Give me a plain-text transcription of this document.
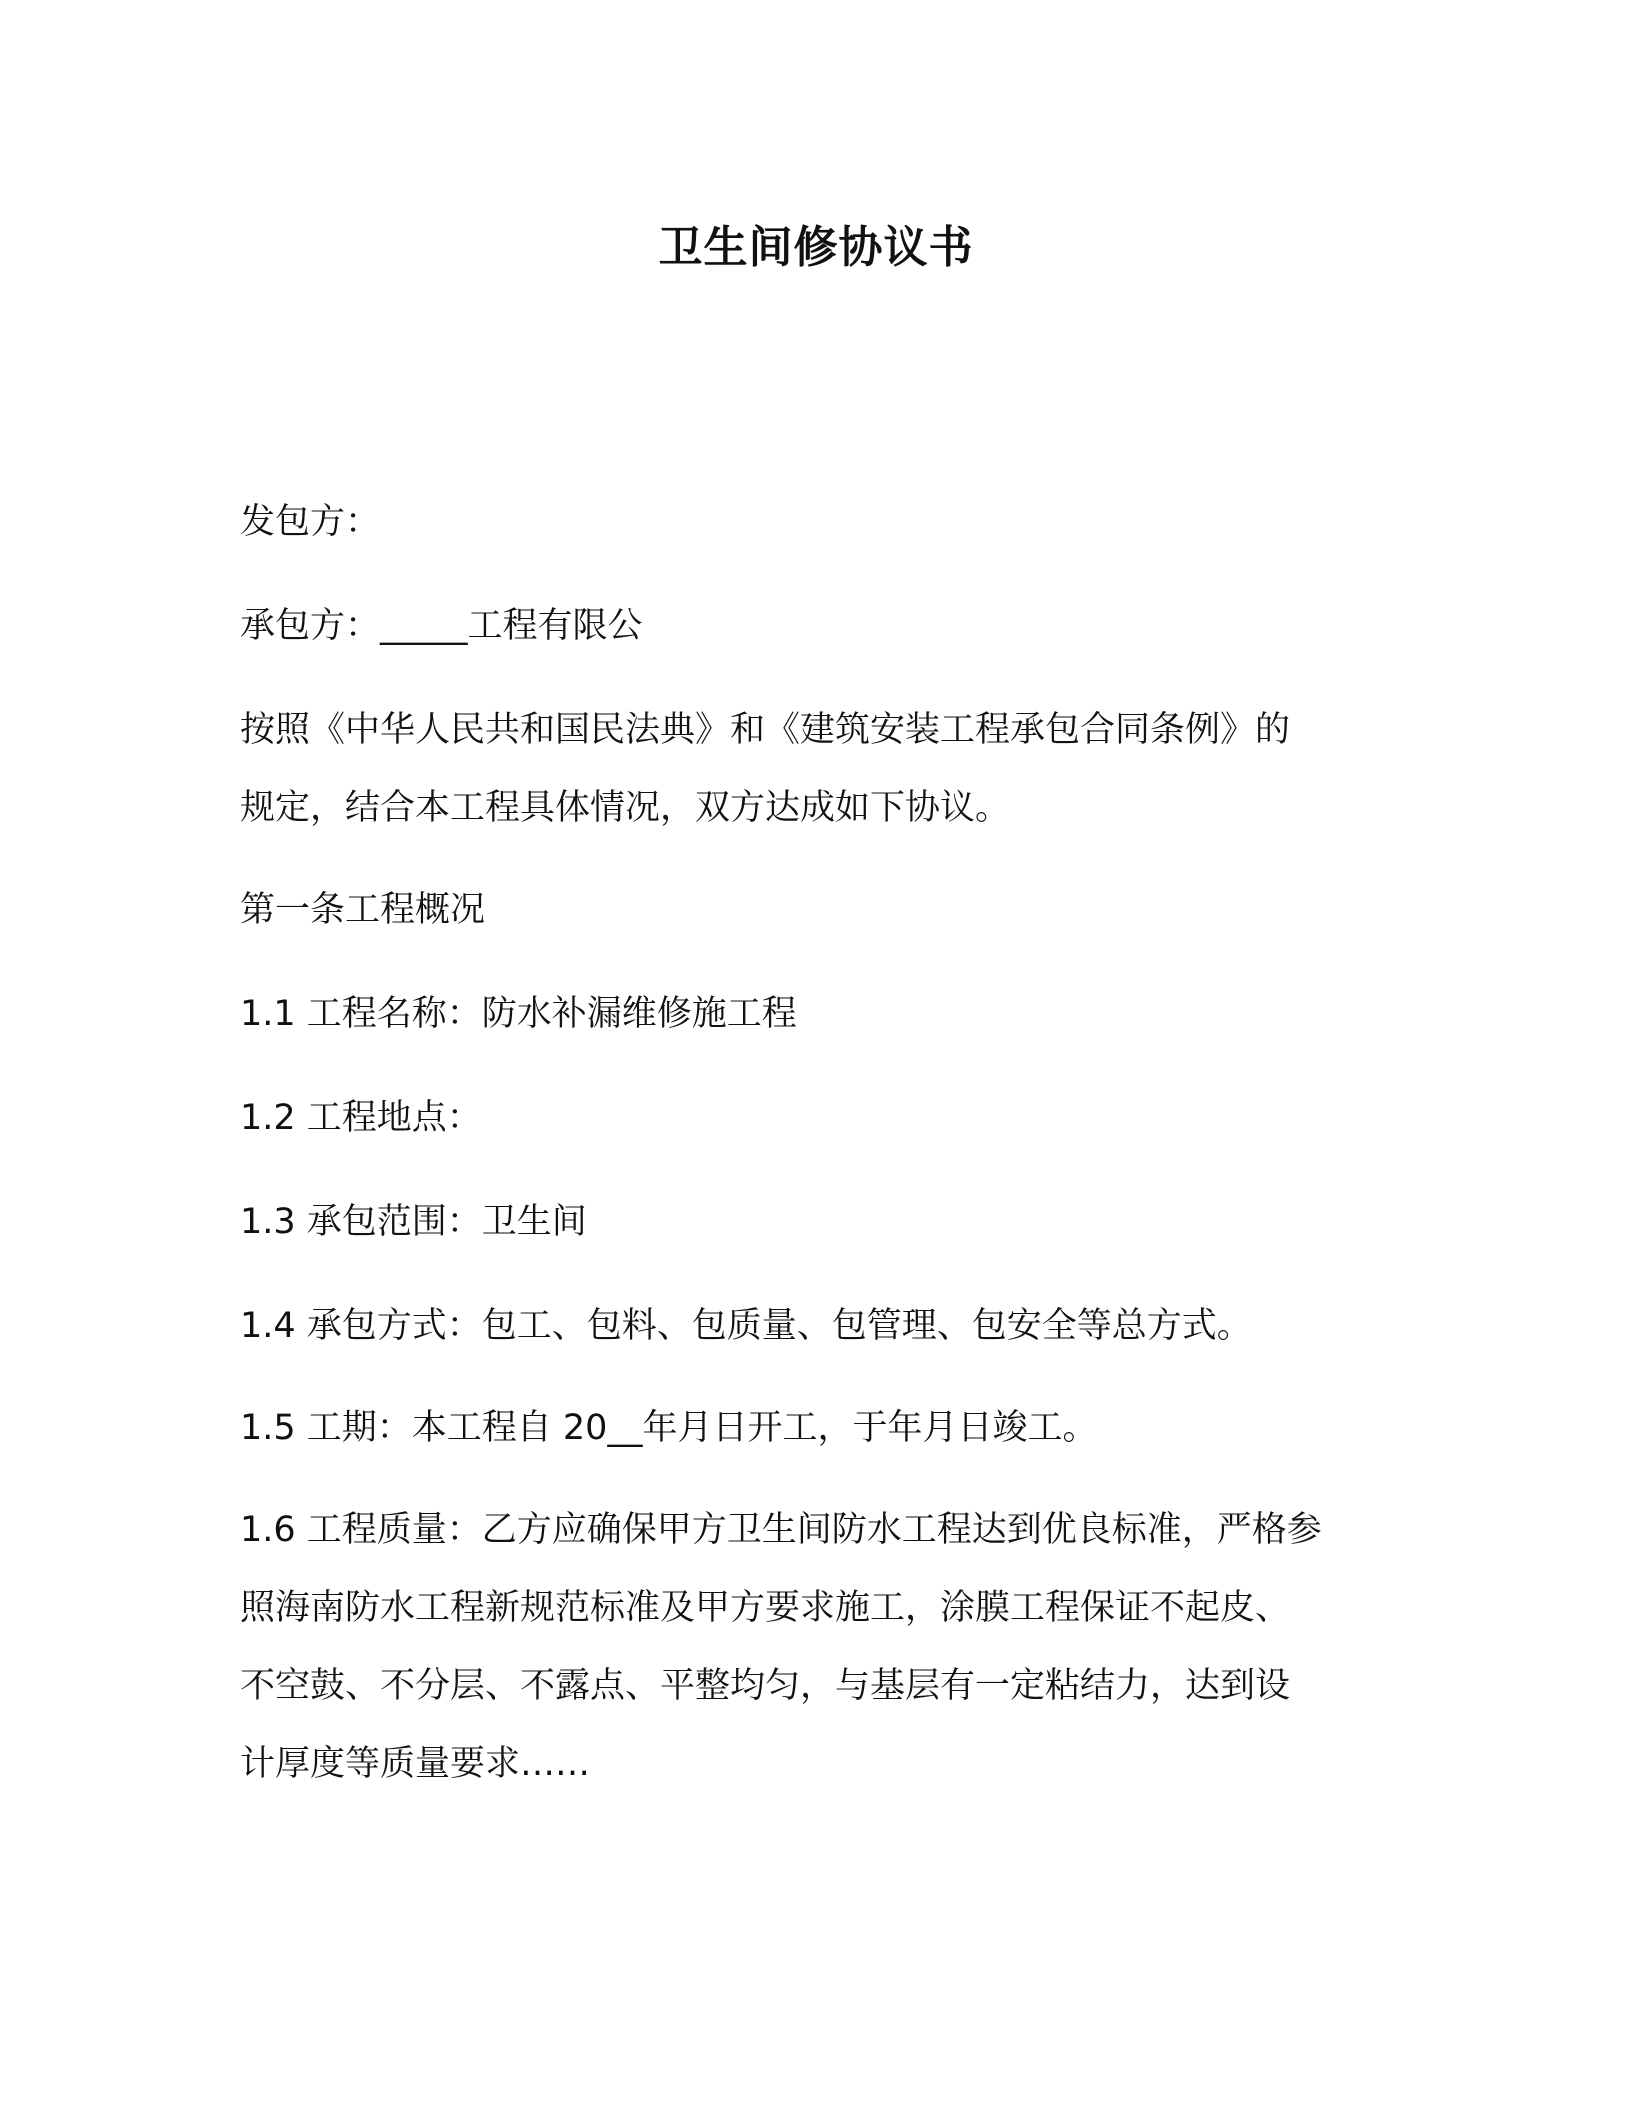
卫生间修协议书
发包方：
承包方：_____工程有限公
按照《中华人民共和国民法典》和《建筑安装工程承包合同条例》的
规定，结合本工程具体情况，双方达成如下协议。
第一条工程概况
1.1 工程名称：防水补漏维修施工程
1.2 工程地点：
1.3 承包范围：卫生间
1.4 承包方式：包工、包料、包质量、包管理、包安全等总方式。
1.5 工期：本工程自 20__年月日开工，于年月日竣工。
1.6 工程质量：乙方应确保甲方卫生间防水工程达到优良标准，严格参
照海南防水工程新规范标准及甲方要求施工，涂膜工程保证不起皮、
不空鼓、不分层、不露点、平整均匀，与基层有一定粘结力，达到设
计厚度等质量要求……
